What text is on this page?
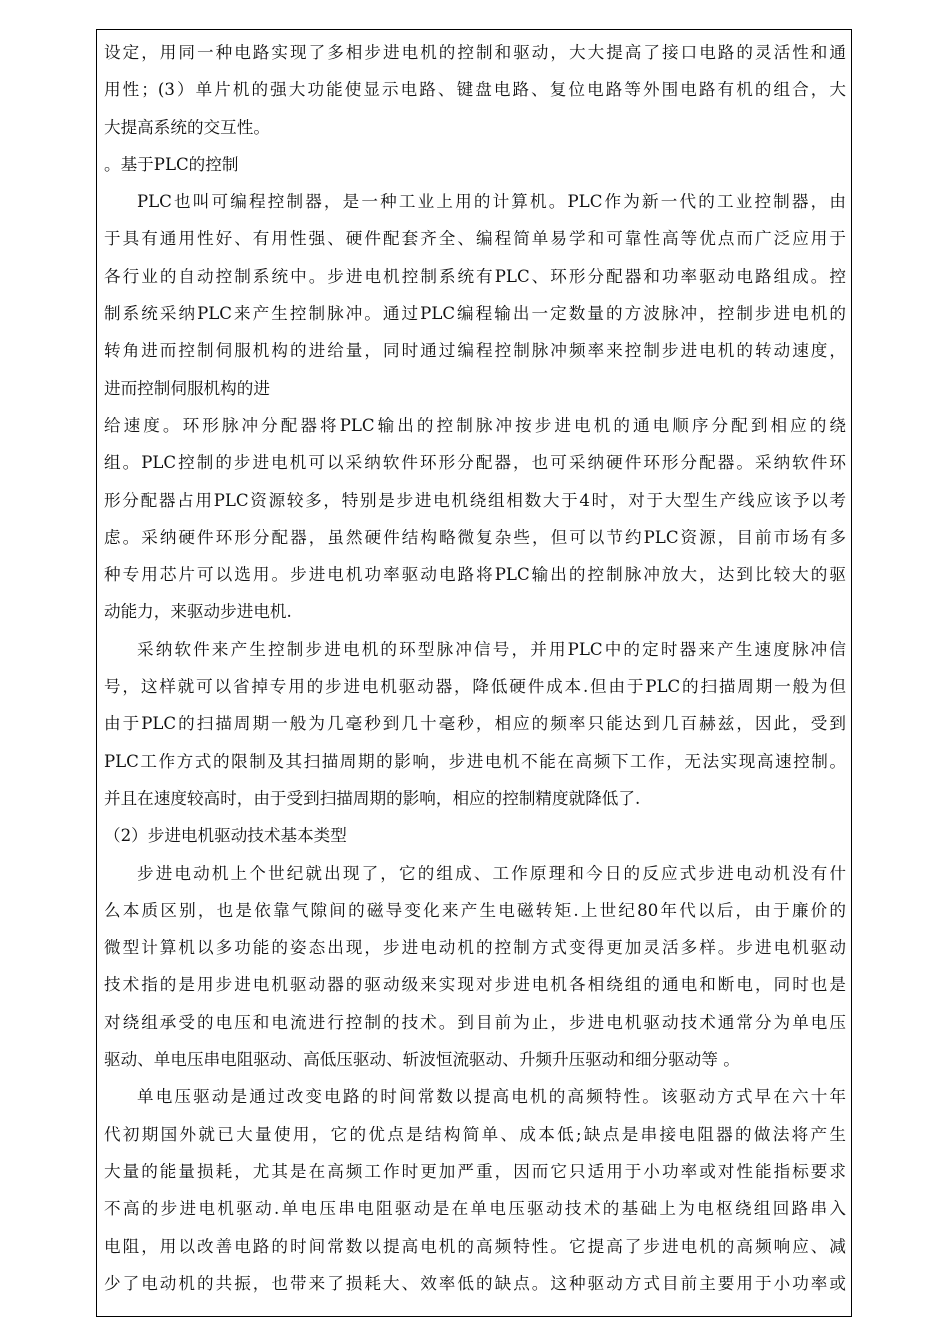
设定，用同一种电路实现了多相步进电机的控制和驱动，大大提高了接口电路的灵活性和通
用性；(3）单片机的强大功能使显示电路、键盘电路、复位电路等外围电路有机的组合，大
大提高系统的交互性。
。基于PLC的控制
PLC也叫可编程控制器，是一种工业上用的计算机。PLC作为新一代的工业控制器，由
于具有通用性好、有用性强、硬件配套齐全、编程简单易学和可靠性高等优点而广泛应用于
各行业的自动控制系统中。步进电机控制系统有PLC、环形分配器和功率驱动电路组成。控
制系统采纳PLC来产生控制脉冲。通过PLC编程输出一定数量的方波脉冲，控制步进电机的
转角进而控制伺服机构的进给量，同时通过编程控制脉冲频率来控制步进电机的转动速度，
进而控制伺服机构的进
给速度。环形脉冲分配器将PLC输出的控制脉冲按步进电机的通电顺序分配到相应的绕
组。PLC控制的步进电机可以采纳软件环形分配器，也可采纳硬件环形分配器。采纳软件环
形分配器占用PLC资源较多，特别是步进电机绕组相数大于4时，对于大型生产线应该予以考
虑。采纳硬件环形分配器，虽然硬件结构略微复杂些，但可以节约PLC资源，目前市场有多
种专用芯片可以选用。步进电机功率驱动电路将PLC输出的控制脉冲放大，达到比较大的驱
动能力，来驱动步进电机.
采纳软件来产生控制步进电机的环型脉冲信号，并用PLC中的定时器来产生速度脉冲信
号，这样就可以省掉专用的步进电机驱动器，降低硬件成本.但由于PLC的扫描周期一般为但
由于PLC的扫描周期一般为几毫秒到几十毫秒，相应的频率只能达到几百赫兹，因此，受到
PLC工作方式的限制及其扫描周期的影响，步进电机不能在高频下工作，无法实现高速控制。
并且在速度较高时，由于受到扫描周期的影响，相应的控制精度就降低了.
（2）步进电机驱动技术基本类型
步进电动机上个世纪就出现了，它的组成、工作原理和今日的反应式步进电动机没有什
么本质区别，也是依靠气隙间的磁导变化来产生电磁转矩.上世纪80年代以后，由于廉价的
微型计算机以多功能的姿态出现，步进电动机的控制方式变得更加灵活多样。步进电机驱动
技术指的是用步进电机驱动器的驱动级来实现对步进电机各相绕组的通电和断电，同时也是
对绕组承受的电压和电流进行控制的技术。到目前为止，步进电机驱动技术通常分为单电压
驱动、单电压串电阻驱动、高低压驱动、斩波恒流驱动、升频升压驱动和细分驱动等 。
单电压驱动是通过改变电路的时间常数以提高电机的高频特性。该驱动方式早在六十年
代初期国外就已大量使用，它的优点是结构简单、成本低;缺点是串接电阻器的做法将产生
大量的能量损耗，尤其是在高频工作时更加严重，因而它只适用于小功率或对性能指标要求
不高的步进电机驱动.单电压串电阻驱动是在单电压驱动技术的基础上为电枢绕组回路串入
电阻，用以改善电路的时间常数以提高电机的高频特性。它提高了步进电机的高频响应、减
少了电动机的共振，也带来了损耗大、效率低的缺点。这种驱动方式目前主要用于小功率或
